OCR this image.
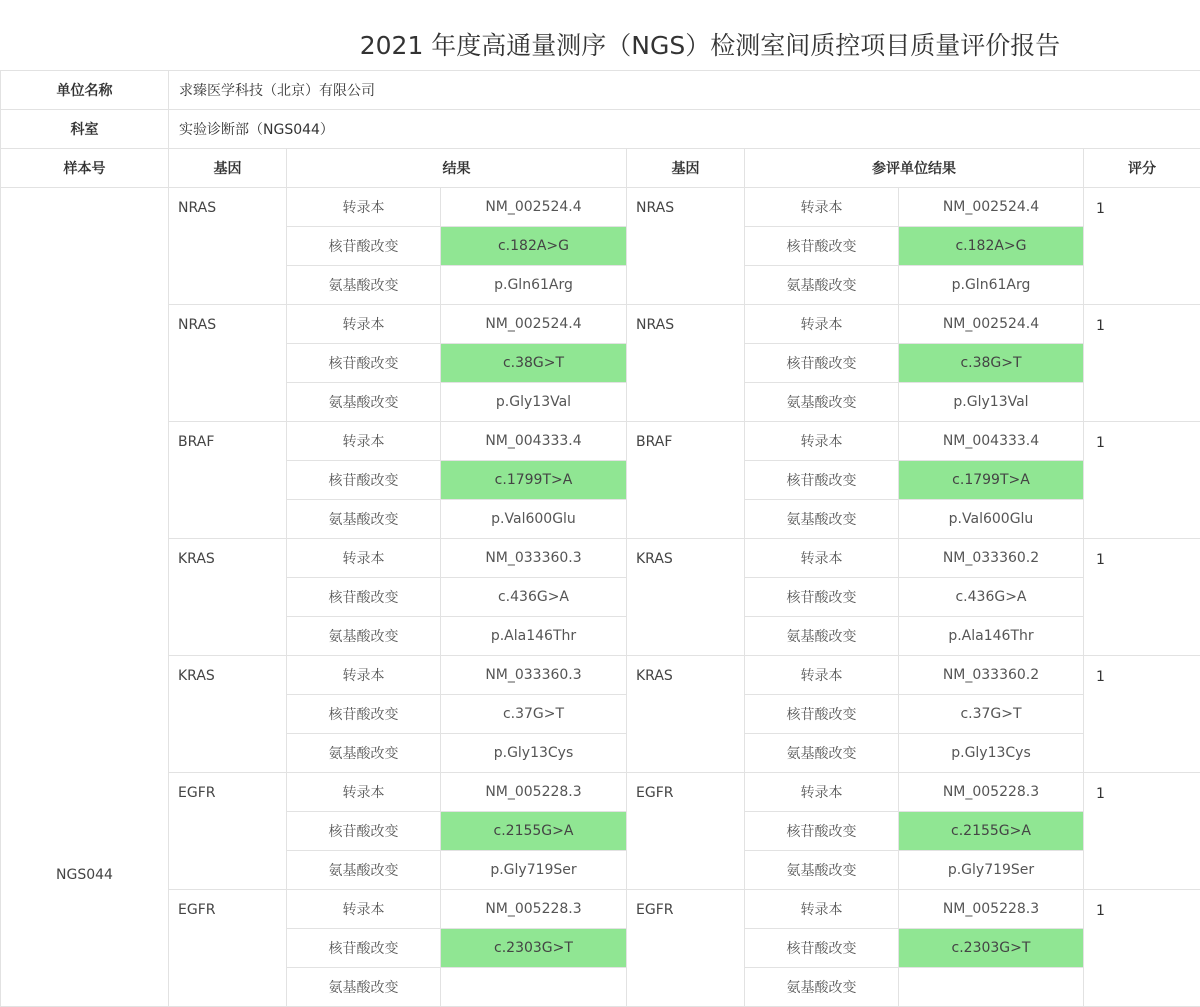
2021 年度高通量测序（NGS）检测室间质控项目质量评价报告
单位名称	求臻医学科技（北京）有限公司						
科室	实验诊断部（NGS044）						
样本号	基因	结果		基因	参评单位结果		评分
NGS044	NRAS	转录本	NM_002524.4	NRAS	转录本	NM_002524.4	1
		核苷酸改变	c.182A>G		核苷酸改变	c.182A>G	
		氨基酸改变	p.Gln61Arg		氨基酸改变	p.Gln61Arg	
	NRAS	转录本	NM_002524.4	NRAS	转录本	NM_002524.4	1
		核苷酸改变	c.38G>T		核苷酸改变	c.38G>T	
		氨基酸改变	p.Gly13Val		氨基酸改变	p.Gly13Val	
	BRAF	转录本	NM_004333.4	BRAF	转录本	NM_004333.4	1
		核苷酸改变	c.1799T>A		核苷酸改变	c.1799T>A	
		氨基酸改变	p.Val600Glu		氨基酸改变	p.Val600Glu	
	KRAS	转录本	NM_033360.3	KRAS	转录本	NM_033360.2	1
		核苷酸改变	c.436G>A		核苷酸改变	c.436G>A	
		氨基酸改变	p.Ala146Thr		氨基酸改变	p.Ala146Thr	
	KRAS	转录本	NM_033360.3	KRAS	转录本	NM_033360.2	1
		核苷酸改变	c.37G>T		核苷酸改变	c.37G>T	
		氨基酸改变	p.Gly13Cys		氨基酸改变	p.Gly13Cys	
	EGFR	转录本	NM_005228.3	EGFR	转录本	NM_005228.3	1
		核苷酸改变	c.2155G>A		核苷酸改变	c.2155G>A	
		氨基酸改变	p.Gly719Ser		氨基酸改变	p.Gly719Ser	
	EGFR	转录本	NM_005228.3	EGFR	转录本	NM_005228.3	1
		核苷酸改变	c.2303G>T		核苷酸改变	c.2303G>T	
		氨基酸改变			氨基酸改变		
